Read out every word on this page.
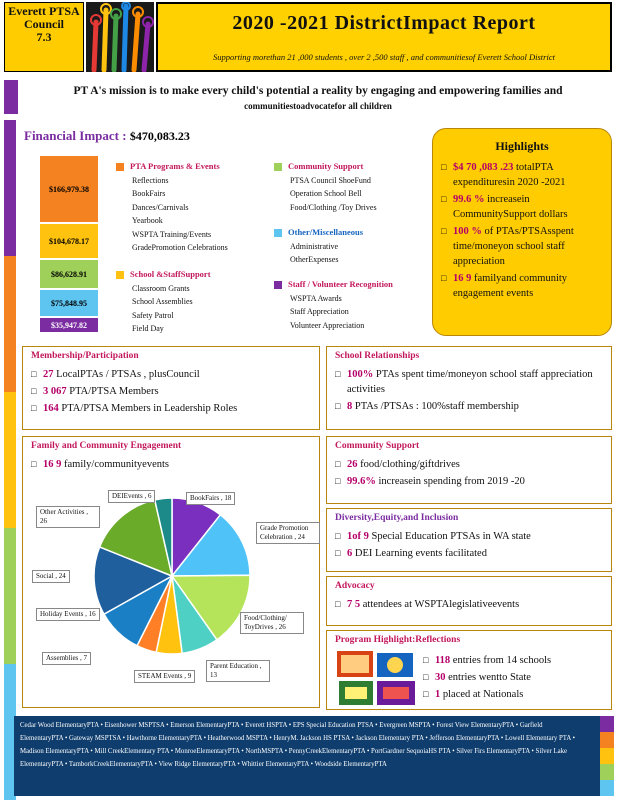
Everett PTSA
Council
7.3
2020 -2021 DistrictImpact Report
Supporting morethan 21 ,000 students , over 2 ,500 staff , and communitiesof Everett School District
PT A's mission is to make every child's potential a reality by engaging and empowering families and
communitiestoadvocatefor all children
Financial Impact : $470,083.23
$166,979.38
$104,678.17
$86,628.91
$75,848.95
$35,947.82
PTA Programs & Events
Reflections
BookFairs
Dances/Carnivals
Yearbook
WSPTA Training/Events
GradePromotion Celebrations
School &StaffSupport
Classroom Grants
School Assemblies
Safety Patrol
Field Day
Community Support
PTSA Council ShoeFund
Operation School Bell
Food/Clothing /Toy Drives
Other/Miscellaneous
Administrative
OtherExpenses
Staff / Volunteer Recognition
WSPTA Awards
Staff Appreciation
Volunteer Appreciation
Highlights
□ $4 70 ,083 .23 totalPTA expendituresin 2020 -2021
□ 99.6 % increasein CommunitySupport dollars
□ 100 % of PTAs/PTSAsspent time/moneyon school staff appreciation
□ 16 9 familyand community engagement events
Membership/Participation
□ 27 LocalPTAs / PTSAs , plusCouncil
□ 3 067 PTA/PTSA Members
□ 164 PTA/PTSA Members in Leadership Roles
Family and Community Engagement
□ 16 9 family/communityevents
BookFairs , 18
Grade Promotion Celebration , 24
Food/Clothing/ ToyDrives , 26
Parent Education , 13
STEAM Events , 9
Assemblies , 7
Holiday Events , 16
Social , 24
Other Activities , 26
DEIEvents , 6
School Relationships
□ 100% PTAs spent time/moneyon school staff appreciation activities
□ 8 PTAs /PTSAs : 100%staff membership
Community Support
□ 26 food/clothing/giftdrives
□ 99.6% increasein spending from 2019 -20
Diversity,Equity,and Inclusion
□ 1of 9 Special Education PTSAs in WA state
□ 6 DEI Learning events facilitated
Advocacy
□ 7 5 attendees at WSPTAlegislativeevents
Program Highlight:Reflections
□ 118 entries from 14 schools
□ 30 entries wentto State
□ 1 placed at Nationals
Cedar Wood ElementaryPTA • Eisenhower MSPTSA • Emerson ElementaryPTA • Everett HSPTA • EPS Special Education PTSA • Evergreen MSPTA • Forest View ElementaryPTA • Garfield ElementaryPTA • Gateway MSPTSA • Hawthorne ElementaryPTA • Heatherwood MSPTA • HenryM. Jackson HS PTSA • Jackson Elementary PTA • Jefferson ElementaryPTA • Lowell Elementary PTA • Madison ElementaryPTA • Mill CreekElementary PTA • MonroeElementaryPTA • NorthMSPTA • PennyCreekElementaryPTA • PortGardner SequoiaHS PTA • Silver Firs ElementaryPTA • Silver Lake ElementaryPTA • TamborkCreekElementaryPTA • View Ridge ElementaryPTA • Whittier ElementaryPTA • Woodside ElementaryPTA
